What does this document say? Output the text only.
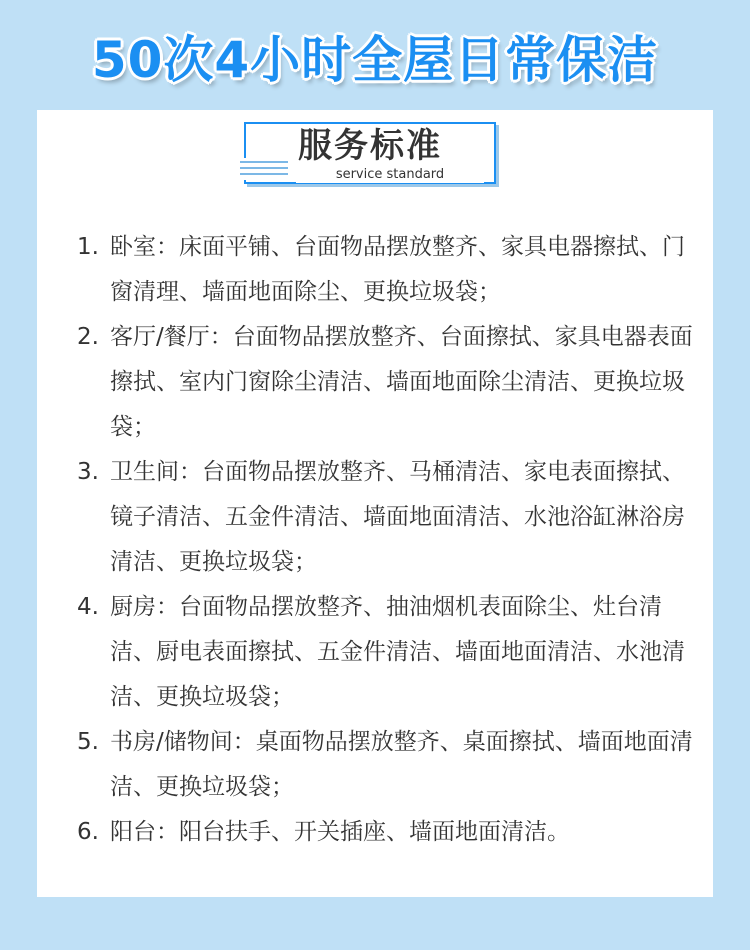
50次4小时全屋日常保洁
服务标准
service standard
1. 卧室：床面平铺、台面物品摆放整齐、家具电器擦拭、门窗清理、墙面地面除尘、更换垃圾袋；
2. 客厅/餐厅：台面物品摆放整齐、台面擦拭、家具电器表面擦拭、室内门窗除尘清洁、墙面地面除尘清洁、更换垃圾袋；
3. 卫生间：台面物品摆放整齐、马桶清洁、家电表面擦拭、镜子清洁、五金件清洁、墙面地面清洁、水池浴缸淋浴房清洁、更换垃圾袋；
4. 厨房：台面物品摆放整齐、抽油烟机表面除尘、灶台清洁、厨电表面擦拭、五金件清洁、墙面地面清洁、水池清洁、更换垃圾袋；
5. 书房/储物间：桌面物品摆放整齐、桌面擦拭、墙面地面清洁、更换垃圾袋；
6. 阳台：阳台扶手、开关插座、墙面地面清洁。
